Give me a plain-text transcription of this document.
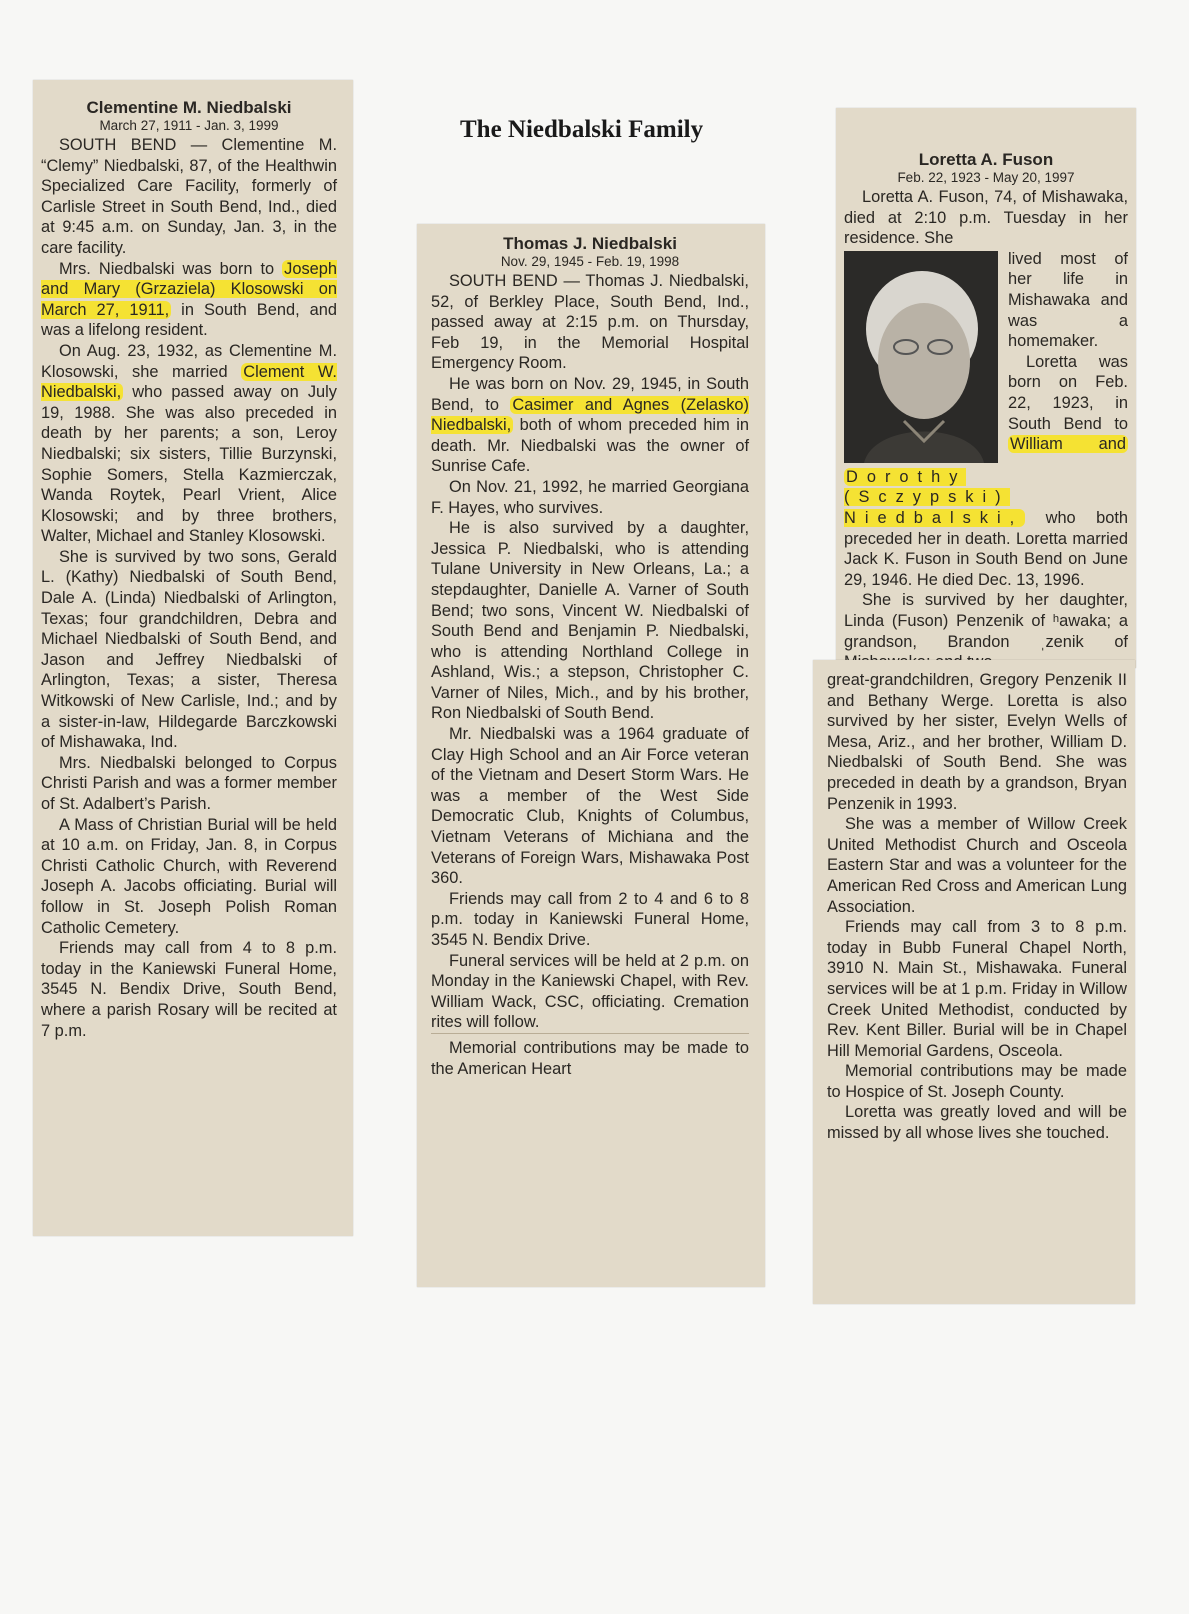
The Niedbalski Family
Clementine M. Niedbalski
March 27, 1911 - Jan. 3, 1999

SOUTH BEND — Clementine M. “Clemy” Niedbalski, 87, of the Healthwin Specialized Care Facility, formerly of Carlisle Street in South Bend, Ind., died at 9:45 a.m. on Sunday, Jan. 3, in the care facility.

Mrs. Niedbalski was born to Joseph and Mary (Grzaziela) Klosowski on March 27, 1911, in South Bend, and was a lifelong resident.

On Aug. 23, 1932, as Clementine M. Klosowski, she married Clement W. Niedbalski, who passed away on July 19, 1988. She was also preceded in death by her parents; a son, Leroy Niedbalski; six sisters, Tillie Burzynski, Sophie Somers, Stella Kazmierczak, Wanda Roytek, Pearl Vrient, Alice Klosowski; and by three brothers, Walter, Michael and Stanley Klosowski.

She is survived by two sons, Gerald L. (Kathy) Niedbalski of South Bend, Dale A. (Linda) Niedbalski of Arlington, Texas; four grandchildren, Debra and Michael Niedbalski of South Bend, and Jason and Jeffrey Niedbalski of Arlington, Texas; a sister, Theresa Witkowski of New Carlisle, Ind.; and by a sister-in-law, Hildegarde Barczkowski of Mishawaka, Ind.

Mrs. Niedbalski belonged to Corpus Christi Parish and was a former member of St. Adalbert’s Parish.

A Mass of Christian Burial will be held at 10 a.m. on Friday, Jan. 8, in Corpus Christi Catholic Church, with Reverend Joseph A. Jacobs officiating. Burial will follow in St. Joseph Polish Roman Catholic Cemetery.

Friends may call from 4 to 8 p.m. today in the Kaniewski Funeral Home, 3545 N. Bendix Drive, South Bend, where a parish Rosary will be recited at 7 p.m.

Thomas J. Niedbalski
Nov. 29, 1945 - Feb. 19, 1998

SOUTH BEND — Thomas J. Niedbalski, 52, of Berkley Place, South Bend, Ind., passed away at 2:15 p.m. on Thursday, Feb 19, in the Memorial Hospital Emergency Room.

He was born on Nov. 29, 1945, in South Bend, to Casimer and Agnes (Zelasko) Niedbalski, both of whom preceded him in death. Mr. Niedbalski was the owner of Sunrise Cafe.

On Nov. 21, 1992, he married Georgiana F. Hayes, who survives.

He is also survived by a daughter, Jessica P. Niedbalski, who is attending Tulane University in New Orleans, La.; a stepdaughter, Danielle A. Varner of South Bend; two sons, Vincent W. Niedbalski of South Bend and Benjamin P. Niedbalski, who is attending Northland College in Ashland, Wis.; a stepson, Christopher C. Varner of Niles, Mich., and by his brother, Ron Niedbalski of South Bend.

Mr. Niedbalski was a 1964 graduate of Clay High School and an Air Force veteran of the Vietnam and Desert Storm Wars. He was a member of the West Side Democratic Club, Knights of Columbus, Vietnam Veterans of Michiana and the Veterans of Foreign Wars, Mishawaka Post 360.

Friends may call from 2 to 4 and 6 to 8 p.m. today in Kaniewski Funeral Home, 3545 N. Bendix Drive.

Funeral services will be held at 2 p.m. on Monday in the Kaniewski Chapel, with Rev. William Wack, CSC, officiating. Cremation rites will follow.

Memorial contributions may be made to the American Heart

Loretta A. Fuson
Feb. 22, 1923 - May 20, 1997

Loretta A. Fuson, 74, of Mishawaka, died at 2:10 p.m. Tuesday in her residence. She

lived most of her life in Mishawaka and was a homemaker.

Loretta was born on Feb. 22, 1923, in South Bend to William and Dorothy (Sczypski) Niedbalski, who both preceded her in death. Loretta married Jack K. Fuson in South Bend on June 29, 1946. He died Dec. 13, 1996.

She is survived by her daughter, Linda (Fuson) Penzenik of ʰawaka; a grandson, Brandon ˌzenik of

great-grandchildren, Gregory Penzenik II and Bethany Werge. Loretta is also survived by her sister, Evelyn Wells of Mesa, Ariz., and her brother, William D. Niedbalski of South Bend. She was preceded in death by a grandson, Bryan Penzenik in 1993.

She was a member of Willow Creek United Methodist Church and Osceola Eastern Star and was a volunteer for the American Red Cross and American Lung Association.

Friends may call from 3 to 8 p.m. today in Bubb Funeral Chapel North, 3910 N. Main St., Mishawaka. Funeral services will be at 1 p.m. Friday in Willow Creek United Methodist, conducted by Rev. Kent Biller. Burial will be in Chapel Hill Memorial Gardens, Osceola.

Memorial contributions may be made to Hospice of St. Joseph County.

Loretta was greatly loved and will be missed by all whose lives she touched.
